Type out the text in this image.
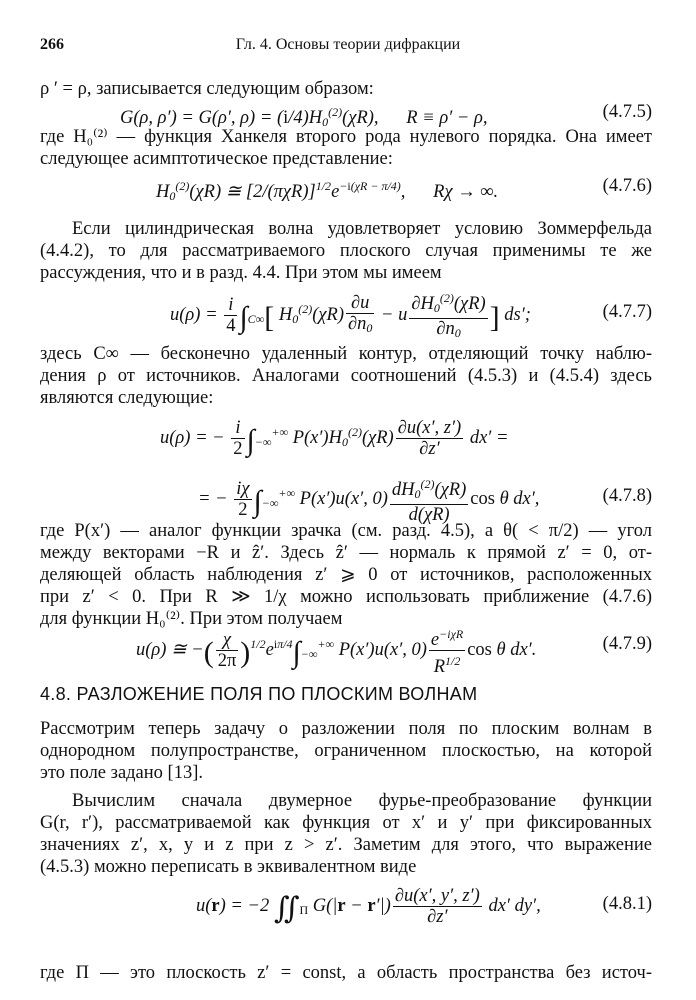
266	Гл. 4. Основы теории дифракции
ρ ′ = ρ, записывается следующим образом:
G(ρ, ρ′) = G(ρ′, $\rho) = (i/4)H_0^{(2)}(\chi R)$,      R ≡ ρ′ − ρ,	(4.7.5)
где H₀⁽²⁾ — функция Ханкеля второго рода нулевого порядка. Она имеет
следующее асимптотическое представление:
$H_0^{(2)}(\chi R)$ ≅ $[2/(\pi\chi R)]^{1/2}e^{-i(\chi R - \pi/4)}$,      Rχ → ∞.	(4.7.6)
Если цилиндрическая волна удовлетворяет условию Зоммерфельда
(4.4.2), то для рассматриваемого плоского случая применимы те же
рассуждения, что и в разд. 4.4. При этом мы имеем
$u(\rho) = \frac{i}{4} \int_{C\infty}$[ $H_0^{(2)}(\chi R) \frac{\partial u}{\partial n_0} - u \frac{\partial H_0^{(2)}(\chi R)}{\partial n_0}$ ] ds′;	(4.7.7)
здесь C∞ — бесконечно удаленный контур, отделяющий точку наблю-
дения ρ от источников. Аналогами соотношений (4.5.3) и (4.5.4) здесь
являются следующие:
u(ρ) = − $\frac{i}{2} \int_{-\infty}^{+\infty}$ $P(x')H_0^{(2)}(\chi R) \frac{\partial u(x', z')}{\partial z'} dx'$ =
= − $\frac{i\chi}{2} \int_{-\infty}^{+\infty}$ P(x′)u(x′, $0) \frac{dH_0^{(2)}(\chi R)}{d(\chi R)}$ cos θ dx′,	(4.7.8)
где P(x′) — аналог функции зрачка (см. разд. 4.5), а θ( < π/2) — угол
между векторами −R и ẑ′. Здесь ẑ′ — нормаль к прямой z′ = 0, от-
деляющей область наблюдения z′ ⩾ 0 от источников, расположенных
при z′ < 0. При R ≫ 1/χ можно использовать приближение (4.7.6)
для функции H₀⁽²⁾. При этом получаем
u(ρ) ≅ −( $\frac{\chi}{2\pi} )^{1/2}e^{i\pi/4}\int_{-\infty}^{+\infty}$ P(x′)u(x′, $0) \frac{e^{-i\chi R}}{R^{1/2}}$ cos θ dx′.	(4.7.9)
4.8. РАЗЛОЖЕНИЕ ПОЛЯ ПО ПЛОСКИМ ВОЛНАМ
Рассмотрим теперь задачу о разложении поля по плоским волнам в
однородном полупространстве, ограниченном плоскостью, на которой
это поле задано [13].
Вычислим сначала двумерное фурье-преобразование функции
G(r, r′), рассматриваемой как функция от x′ и y′ при фиксированных
значениях z′, x, y и z при z > z′. Заметим для этого, что выражение
(4.5.3) можно переписать в эквивалентном виде
u(r) = −2 $∬_\Pi$ $G(|r - r'|) \frac{\partial u(x', y', z')}{\partial z'} dx'$ dy′,	(4.8.1)
где Π — это плоскость z′ = const, а область пространства без источ-
